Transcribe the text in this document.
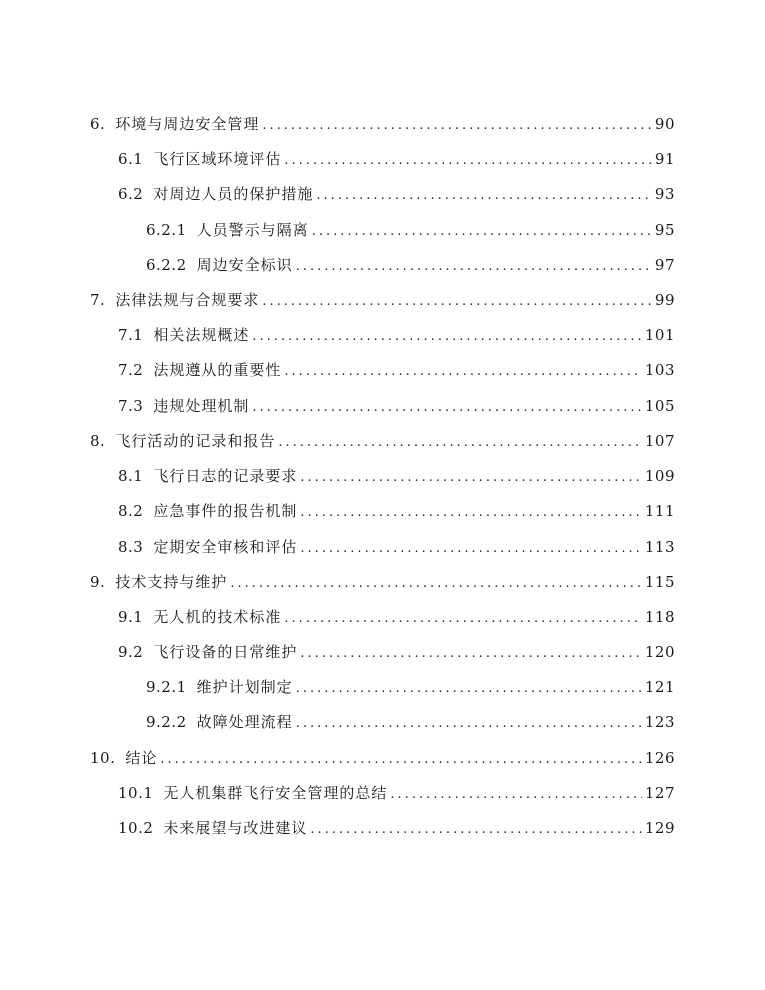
6. 环境与周边安全管理 .....	90
6.1 飞行区域环境评估 .....	91
6.2 对周边人员的保护措施 .....	93
6.2.1 人员警示与隔离 .....	95
6.2.2 周边安全标识 .....	97
7. 法律法规与合规要求 .....	99
7.1 相关法规概述 .....	101
7.2 法规遵从的重要性 .....	103
7.3 违规处理机制 .....	105
8. 飞行活动的记录和报告 .....	107
8.1 飞行日志的记录要求 .....	109
8.2 应急事件的报告机制 .....	111
8.3 定期安全审核和评估 .....	113
9. 技术支持与维护 .....	115
9.1 无人机的技术标准 .....	118
9.2 飞行设备的日常维护 .....	120
9.2.1 维护计划制定 .....	121
9.2.2 故障处理流程 .....	123
10. 结论 .....	126
10.1 无人机集群飞行安全管理的总结 .....	127
10.2 未来展望与改进建议 .....	129
